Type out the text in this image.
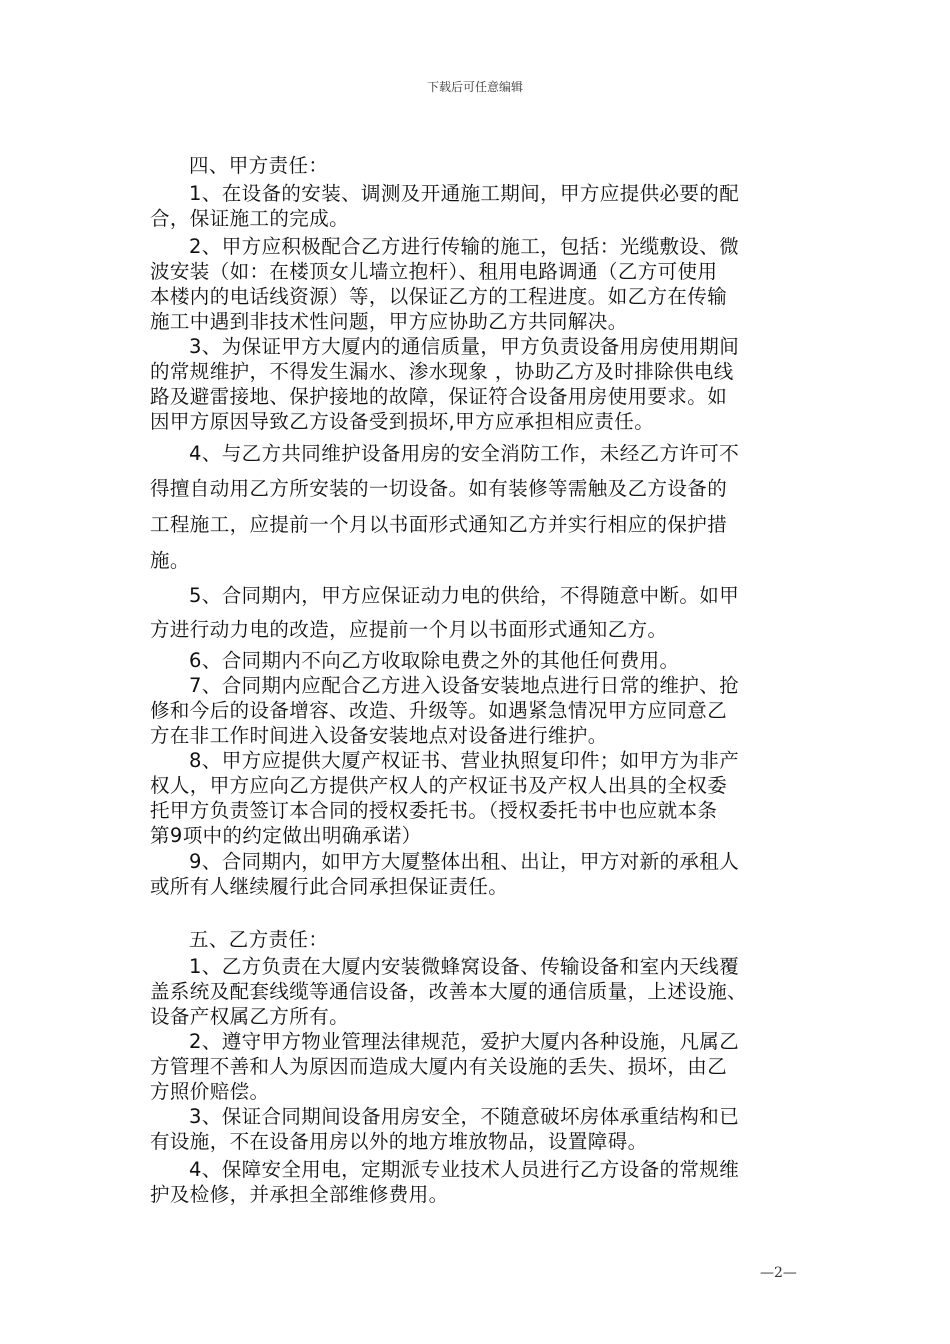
下载后可任意编辑
四、甲方责任：
1、在设备的安装、调测及开通施工期间，甲方应提供必要的配
合，保证施工的完成。
2、甲方应积极配合乙方进行传输的施工，包括：光缆敷设、微
波安装（如：在楼顶女儿墙立抱杆）、租用电路调通（乙方可使用
本楼内的电话线资源）等，以保证乙方的工程进度。如乙方在传输
施工中遇到非技术性问题，甲方应协助乙方共同解决。
3、为保证甲方大厦内的通信质量，甲方负责设备用房使用期间
的常规维护，不得发生漏水、渗水现象 ，协助乙方及时排除供电线
路及避雷接地、保护接地的故障，保证符合设备用房使用要求。如
因甲方原因导致乙方设备受到损坏,甲方应承担相应责任。
4、与乙方共同维护设备用房的安全消防工作，未经乙方许可不
得擅自动用乙方所安装的一切设备。如有装修等需触及乙方设备的
工程施工，应提前一个月以书面形式通知乙方并实行相应的保护措
施。
5、合同期内，甲方应保证动力电的供给，不得随意中断。如甲
方进行动力电的改造，应提前一个月以书面形式通知乙方。
6、合同期内不向乙方收取除电费之外的其他任何费用。
7、合同期内应配合乙方进入设备安装地点进行日常的维护、抢
修和今后的设备增容、改造、升级等。如遇紧急情况甲方应同意乙
方在非工作时间进入设备安装地点对设备进行维护。
8、甲方应提供大厦产权证书、营业执照复印件；如甲方为非产
权人，甲方应向乙方提供产权人的产权证书及产权人出具的全权委
托甲方负责签订本合同的授权委托书。（授权委托书中也应就本条
第9项中的约定做出明确承诺）
9、合同期内，如甲方大厦整体出租、出让，甲方对新的承租人
或所有人继续履行此合同承担保证责任。
五、乙方责任：
1、乙方负责在大厦内安装微蜂窝设备、传输设备和室内天线覆
盖系统及配套线缆等通信设备，改善本大厦的通信质量，上述设施、
设备产权属乙方所有。
2、遵守甲方物业管理法律规范，爱护大厦内各种设施，凡属乙
方管理不善和人为原因而造成大厦内有关设施的丢失、损坏，由乙
方照价赔偿。
3、保证合同期间设备用房安全，不随意破坏房体承重结构和已
有设施，不在设备用房以外的地方堆放物品，设置障碍。
4、保障安全用电，定期派专业技术人员进行乙方设备的常规维
护及检修，并承担全部维修费用。
—2—
